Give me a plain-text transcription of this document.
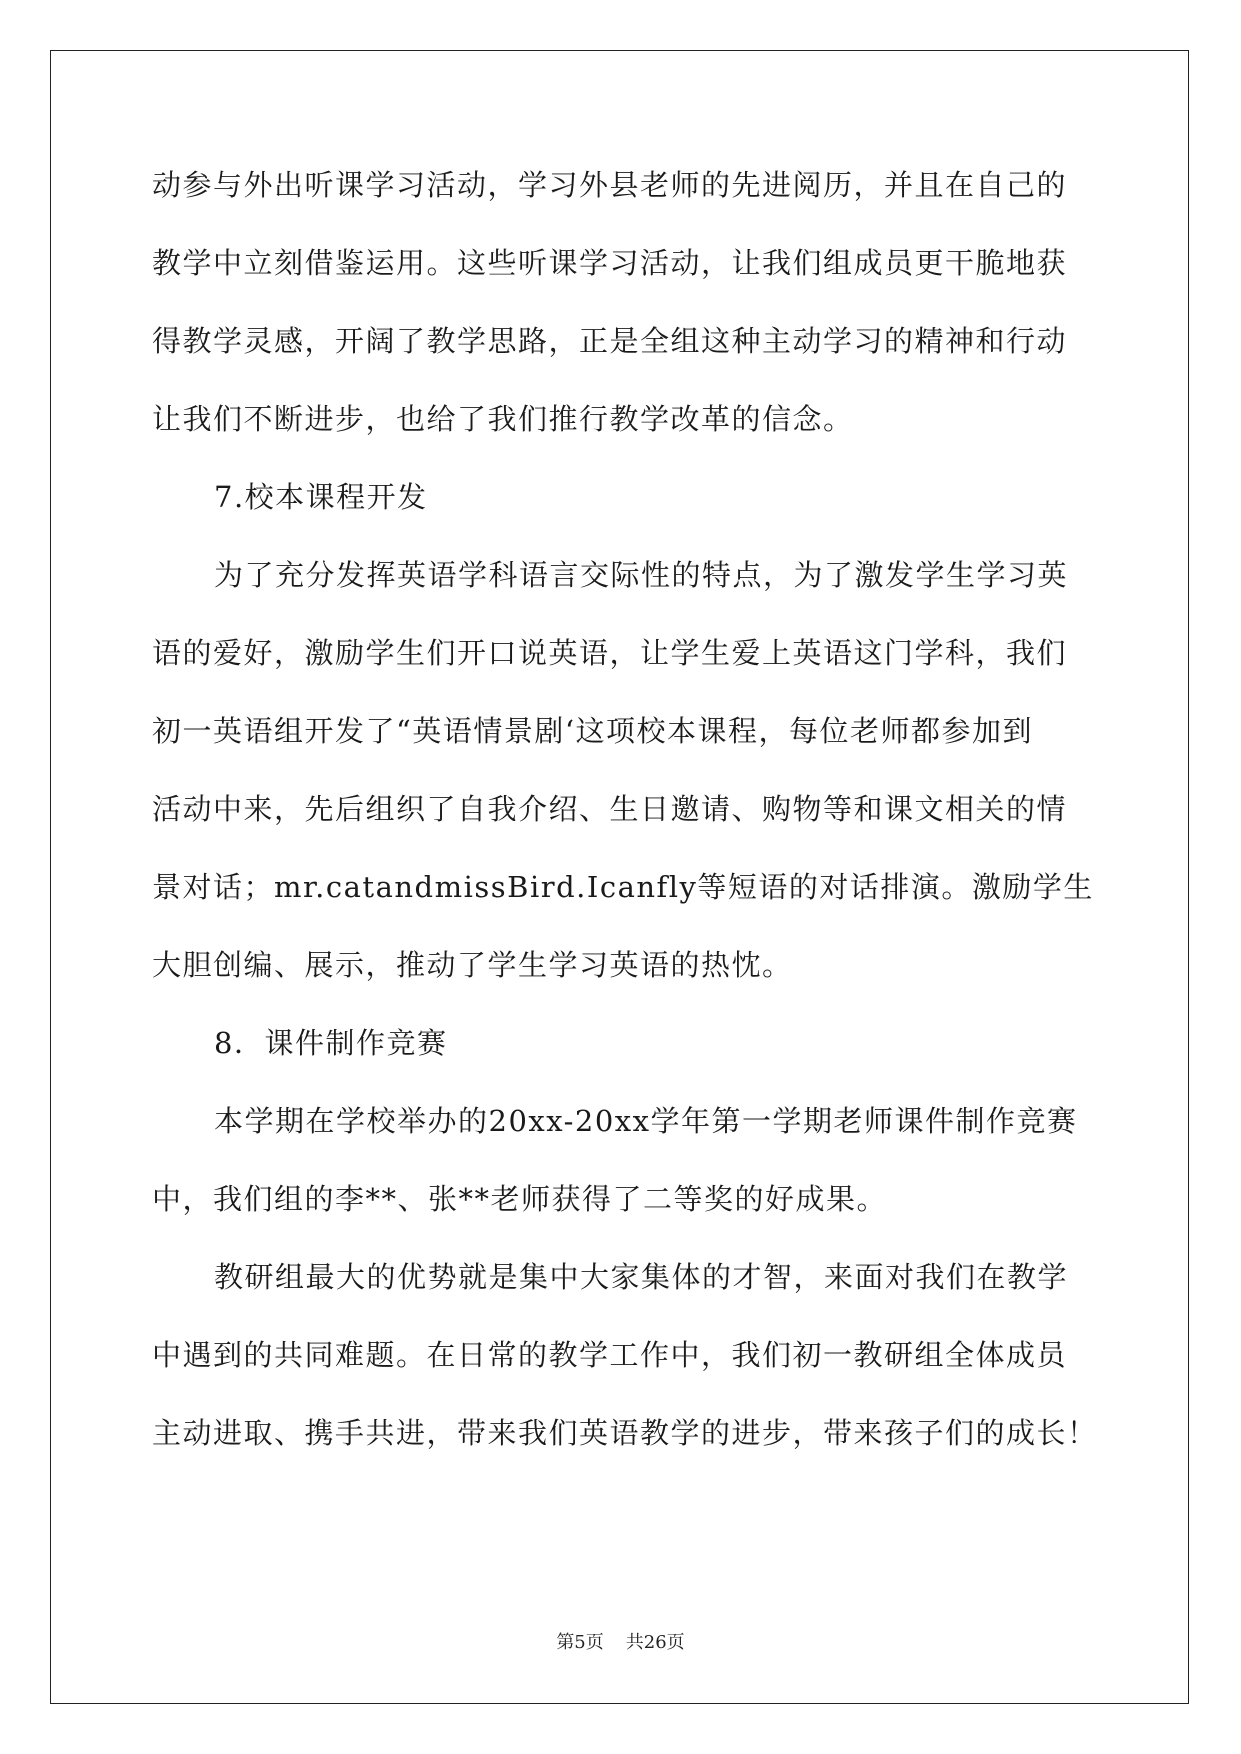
动参与外出听课学习活动，学习外县老师的先进阅历，并且在自己的
教学中立刻借鉴运用。这些听课学习活动，让我们组成员更干脆地获
得教学灵感，开阔了教学思路，正是全组这种主动学习的精神和行动
让我们不断进步，也给了我们推行教学改革的信念。
7.校本课程开发
为了充分发挥英语学科语言交际性的特点，为了激发学生学习英
语的爱好，激励学生们开口说英语，让学生爱上英语这门学科，我们
初一英语组开发了“英语情景剧‘这项校本课程，每位老师都参加到
活动中来，先后组织了自我介绍、生日邀请、购物等和课文相关的情
景对话；mr.catandmissBird.Icanfly等短语的对话排演。激励学生
大胆创编、展示，推动了学生学习英语的热忱。
8．课件制作竞赛
本学期在学校举办的20xx-20xx学年第一学期老师课件制作竞赛
中，我们组的李**、张**老师获得了二等奖的好成果。
教研组最大的优势就是集中大家集体的才智，来面对我们在教学
中遇到的共同难题。在日常的教学工作中，我们初一教研组全体成员
主动进取、携手共进，带来我们英语教学的进步，带来孩子们的成长！
第5页 共26页
